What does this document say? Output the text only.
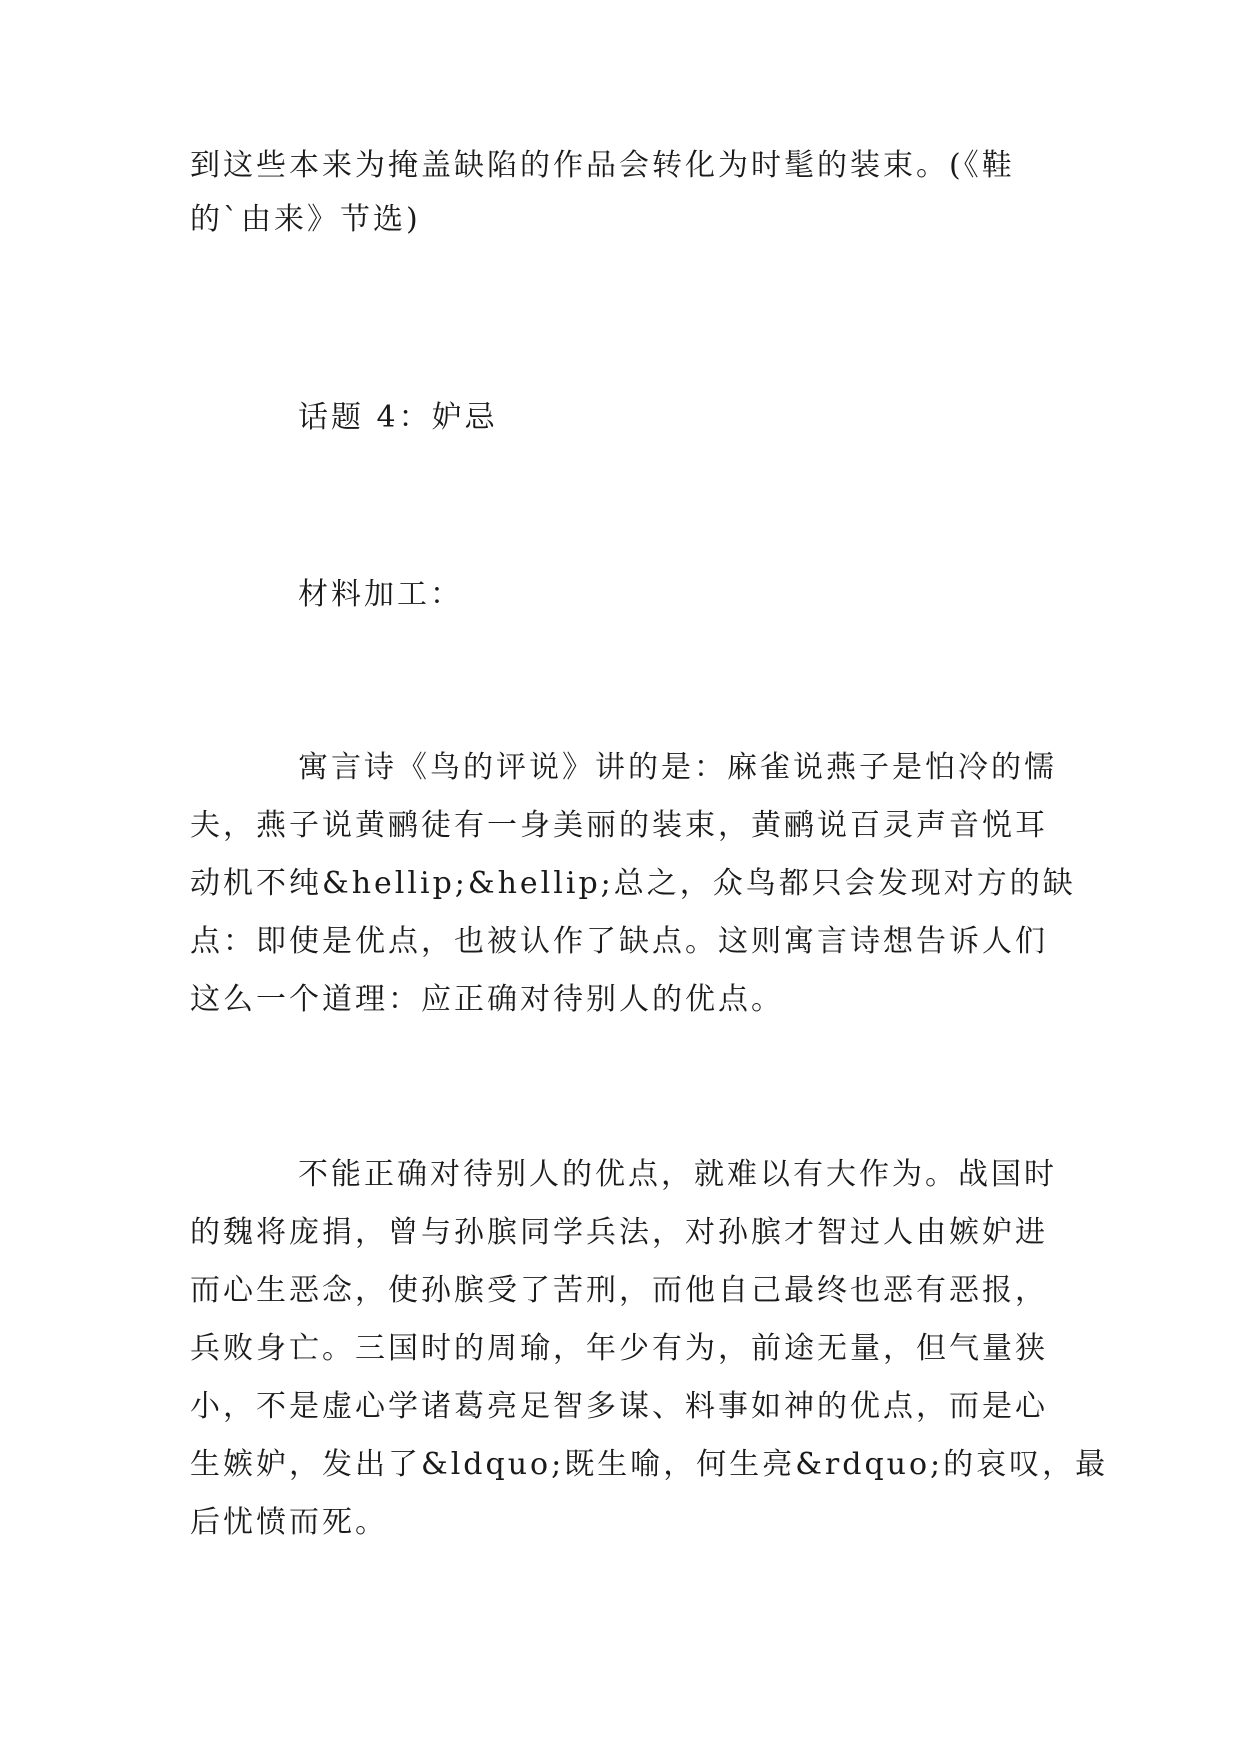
到这些本来为掩盖缺陷的作品会转化为时髦的装束。(《鞋
的`由来》节选)
话题 4：妒忌
材料加工：
寓言诗《鸟的评说》讲的是：麻雀说燕子是怕冷的懦
夫，燕子说黄鹂徒有一身美丽的装束，黄鹂说百灵声音悦耳
动机不纯&hellip;&hellip;总之，众鸟都只会发现对方的缺
点：即使是优点，也被认作了缺点。这则寓言诗想告诉人们
这么一个道理：应正确对待别人的优点。
不能正确对待别人的优点，就难以有大作为。战国时
的魏将庞捐，曾与孙膑同学兵法，对孙膑才智过人由嫉妒进
而心生恶念，使孙膑受了苦刑，而他自己最终也恶有恶报，
兵败身亡。三国时的周瑜，年少有为，前途无量，但气量狭
小，不是虚心学诸葛亮足智多谋、料事如神的优点，而是心
生嫉妒，发出了&ldquo;既生喻，何生亮&rdquo;的哀叹，最
后忧愤而死。
